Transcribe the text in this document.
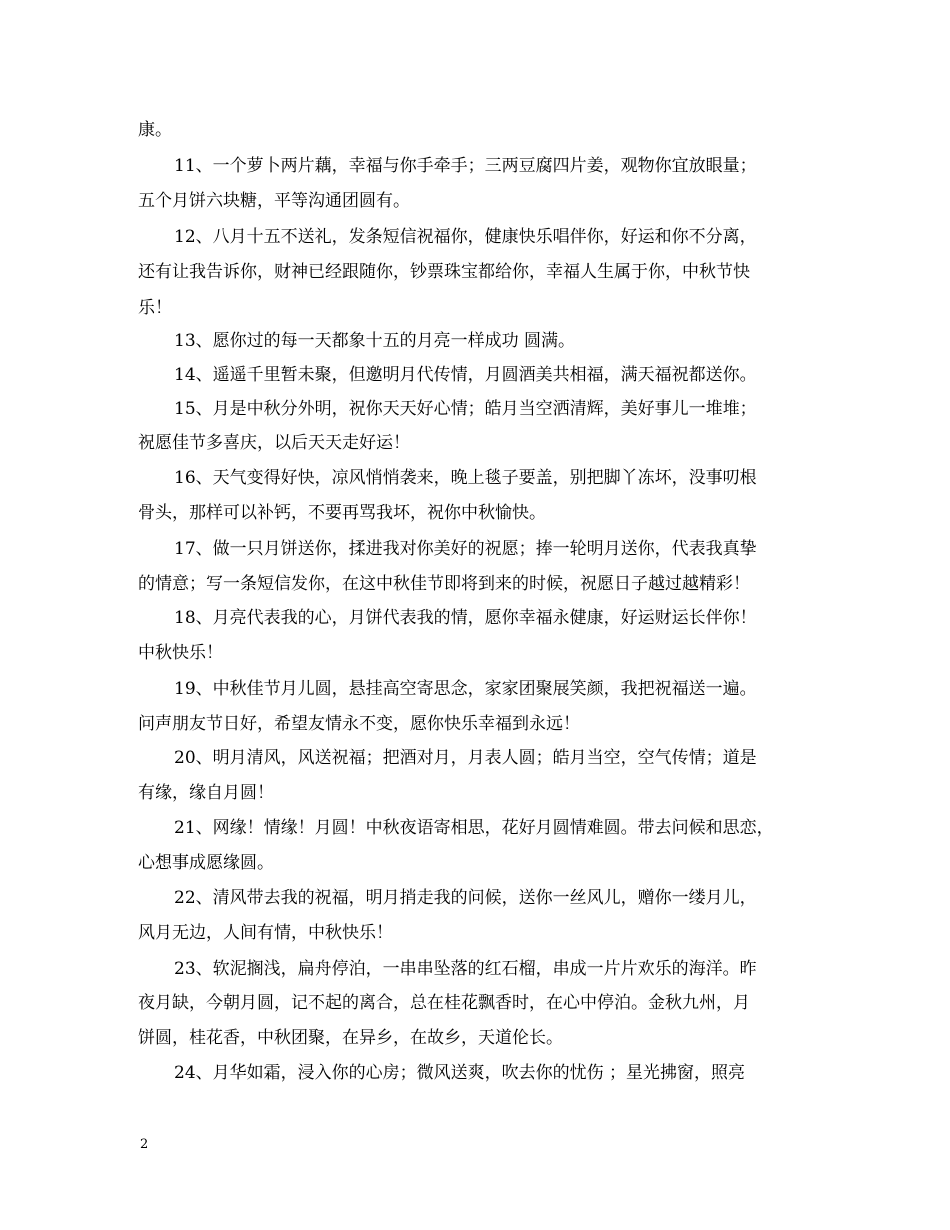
康。
11、一个萝卜两片藕，幸福与你手牵手；三两豆腐四片姜，观物你宜放眼量；
五个月饼六块糖，平等沟通团圆有。
12、八月十五不送礼，发条短信祝福你，健康快乐唱伴你，好运和你不分离，
还有让我告诉你，财神已经跟随你，钞票珠宝都给你，幸福人生属于你，中秋节快
乐！
13、愿你过的每一天都象十五的月亮一样成功 圆满。
14、遥遥千里暂未聚，但邀明月代传情，月圆酒美共相福，满天福祝都送你。
15、月是中秋分外明，祝你天天好心情；皓月当空洒清辉，美好事儿一堆堆；
祝愿佳节多喜庆，以后天天走好运！
16、天气变得好快，凉风悄悄袭来，晚上毯子要盖，别把脚丫冻坏，没事叨根
骨头，那样可以补钙，不要再骂我坏，祝你中秋愉快。
17、做一只月饼送你，揉进我对你美好的祝愿；捧一轮明月送你，代表我真挚
的情意；写一条短信发你，在这中秋佳节即将到来的时候，祝愿日子越过越精彩！
18、月亮代表我的心，月饼代表我的情，愿你幸福永健康，好运财运长伴你！
中秋快乐！
19、中秋佳节月儿圆，悬挂高空寄思念，家家团聚展笑颜，我把祝福送一遍。
问声朋友节日好，希望友情永不变，愿你快乐幸福到永远！
20、明月清风，风送祝福；把酒对月，月表人圆；皓月当空，空气传情；道是
有缘，缘自月圆！
21、网缘！情缘！月圆！中秋夜语寄相思，花好月圆情难圆。带去问候和思恋，
心想事成愿缘圆。
22、清风带去我的祝福，明月捎走我的问候，送你一丝风儿，赠你一缕月儿，
风月无边，人间有情，中秋快乐！
23、软泥搁浅，扁舟停泊，一串串坠落的红石榴，串成一片片欢乐的海洋。昨
夜月缺，今朝月圆，记不起的离合，总在桂花飘香时，在心中停泊。金秋九州，月
饼圆，桂花香，中秋团聚，在异乡，在故乡，天道伦长。
24、月华如霜，浸入你的心房；微风送爽，吹去你的忧伤 ；星光拂窗，照亮
2
